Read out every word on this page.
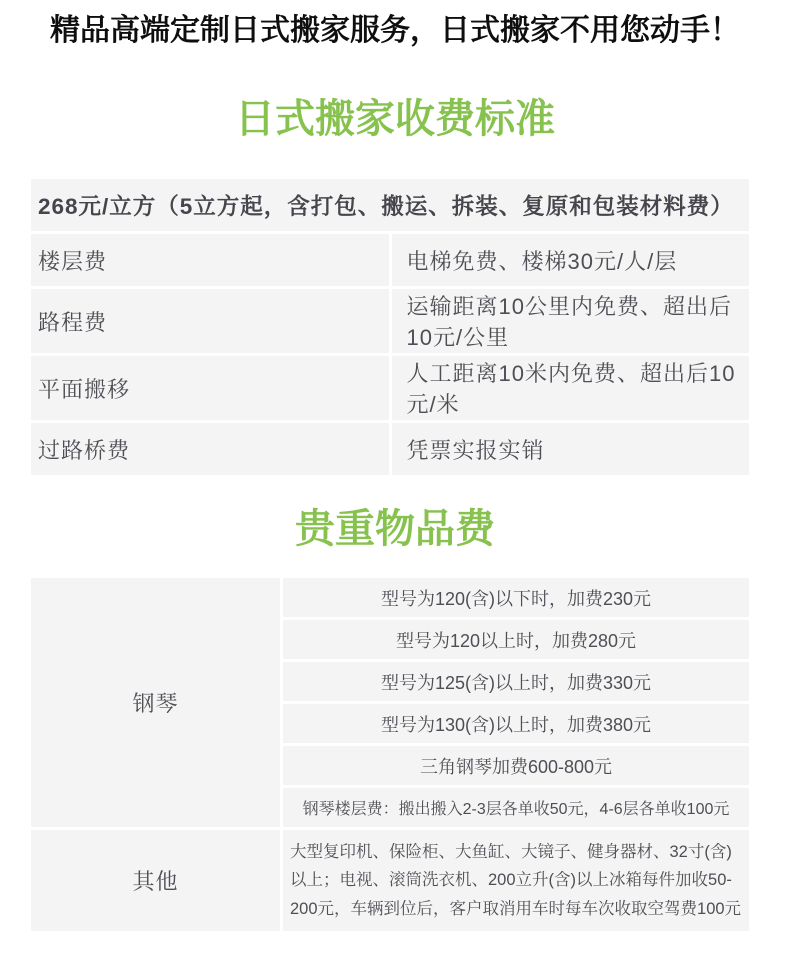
精品高端定制日式搬家服务，日式搬家不用您动手！
日式搬家收费标准
268元/立方（5立方起，含打包、搬运、拆装、复原和包装材料费）	
楼层费	电梯免费、楼梯30元/人/层
路程费	运输距离10公里内免费、超出后10元/公里
平面搬移	人工距离10米内免费、超出后10元/米
过路桥费	凭票实报实销
贵重物品费
钢琴	型号为120(含)以下时，加费230元
	型号为120以上时，加费280元
	型号为125(含)以上时，加费330元
	型号为130(含)以上时，加费380元
	三角钢琴加费600-800元
	钢琴楼层费：搬出搬入2-3层各单收50元，4-6层各单收100元
其他	大型复印机、保险柜、大鱼缸、大镜子、健身器材、32寸(含)以上；电视、滚筒洗衣机、200立升(含)以上冰箱每件加收50-200元，车辆到位后，客户取消用车时每车次收取空驾费100元
